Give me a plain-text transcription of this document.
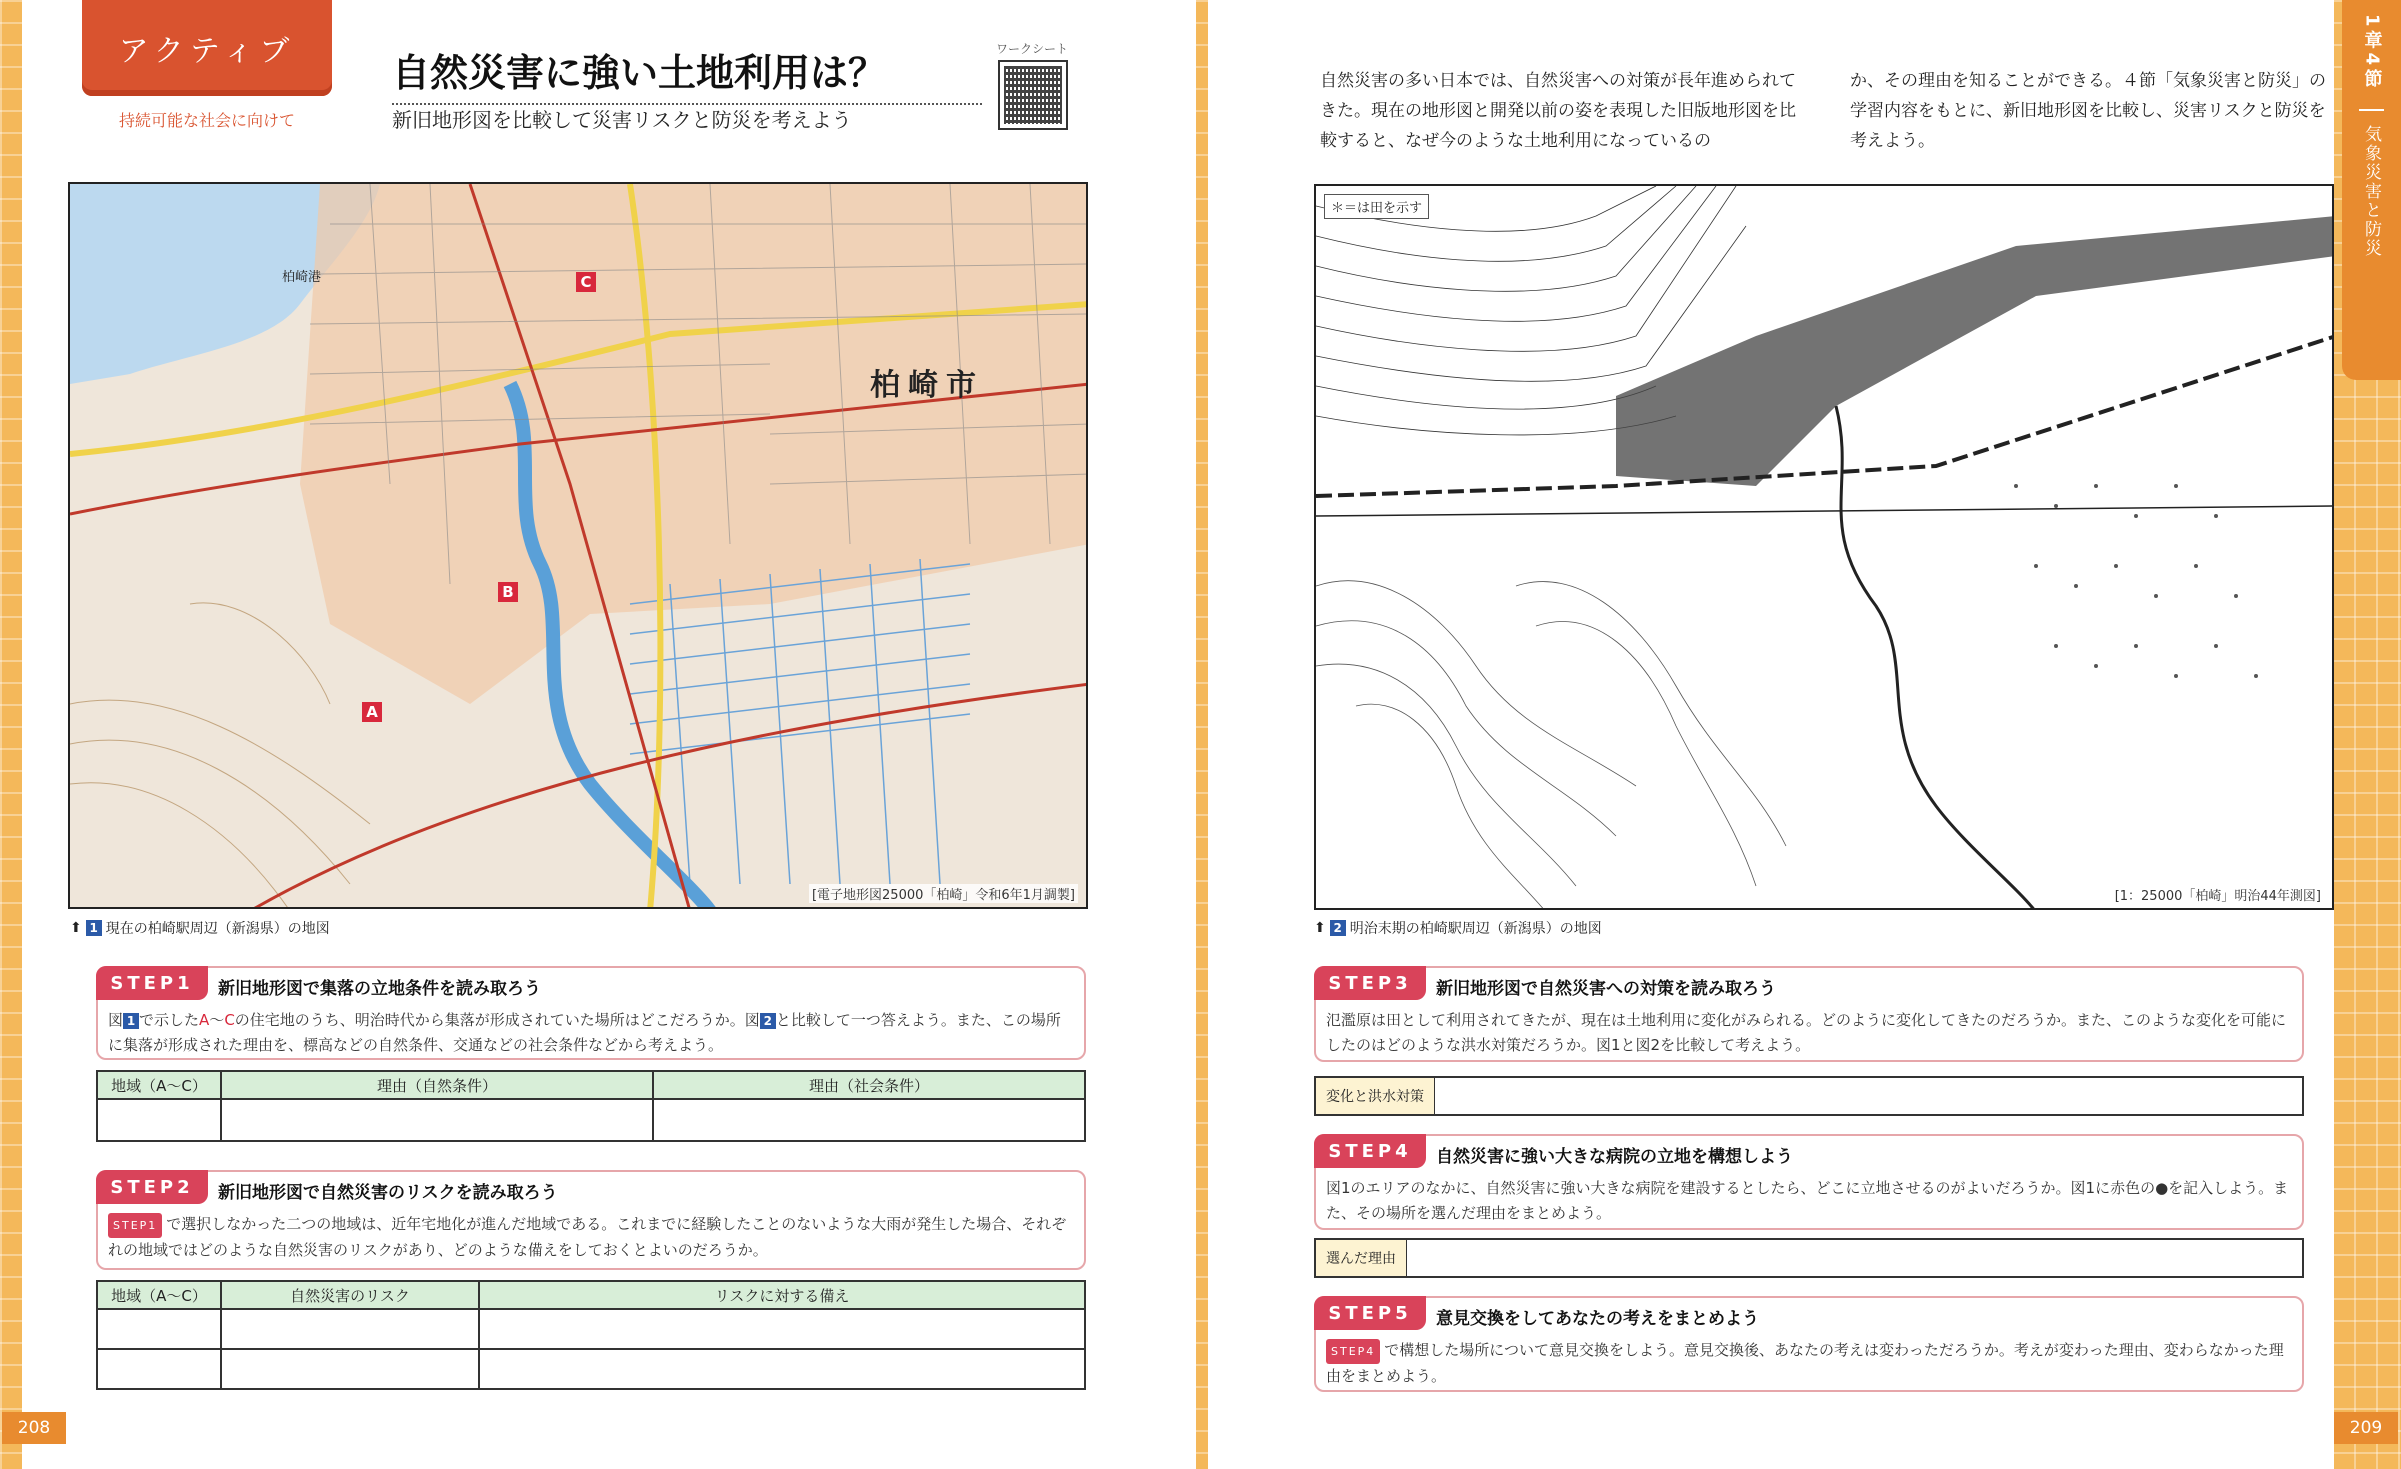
アクティブ
持続可能な社会に向けて
自然災害に強い土地利用は？
新旧地形図を比較して災害リスクと防災を考えよう
ワークシート
自然災害の多い日本では、自然災害への対策が長年進められてきた。現在の地形図と開発以前の姿を表現した旧版地形図を比較すると、なぜ今のような土地利用になっているの
か、その理由を知ることができる。４節「気象災害と防災」の学習内容をもとに、新旧地形図を比較し、災害リスクと防災を考えよう。
柏崎市
柏崎港
A
B
C
[電子地形図25000「柏崎」令和6年1月調製]
⬆ 1 現在の柏崎駅周辺（新潟県）の地図
＊＝は田を示す
[1：25000「柏崎」明治44年測図]
⬆ 2 明治末期の柏崎駅周辺（新潟県）の地図
STEP1	新旧地形図で集落の立地条件を読み取ろう
図 1 で示したA～Cの住宅地のうち、明治時代から集落が形成されていた場所はどこだろうか。図 2 と比較して一つ答えよう。また、この場所に集落が形成された理由を、標高などの自然条件、交通などの社会条件などから考えよう。
地域（A～C）	理由（自然条件）	理由（社会条件）

STEP2	新旧地形図で自然災害のリスクを読み取ろう
STEP1 で選択しなかった二つの地域は、近年宅地化が進んだ地域である。これまでに経験したことのないような大雨が発生した場合、それぞれの地域ではどのような自然災害のリスクがあり、どのような備えをしておくとよいのだろうか。
地域（A～C）	自然災害のリスク	リスクに対する備え

STEP3	新旧地形図で自然災害への対策を読み取ろう
氾濫原は田として利用されてきたが、現在は土地利用に変化がみられる。どのように変化してきたのだろうか。また、このような変化を可能にしたのはどのような洪水対策だろうか。図1と図2を比較して考えよう。
変化と洪水対策
STEP4	自然災害に強い大きな病院の立地を構想しよう
図1のエリアのなかに、自然災害に強い大きな病院を建設するとしたら、どこに立地させるのがよいだろうか。図1に赤色の●を記入しよう。また、その場所を選んだ理由をまとめよう。
選んだ理由
STEP5	意見交換をしてあなたの考えをまとめよう
STEP4 で構想した場所について意見交換をしよう。意見交換後、あなたの考えは変わっただろうか。考えが変わった理由、変わらなかった理由をまとめよう。
1章4節
気象災害と防災
208	209
